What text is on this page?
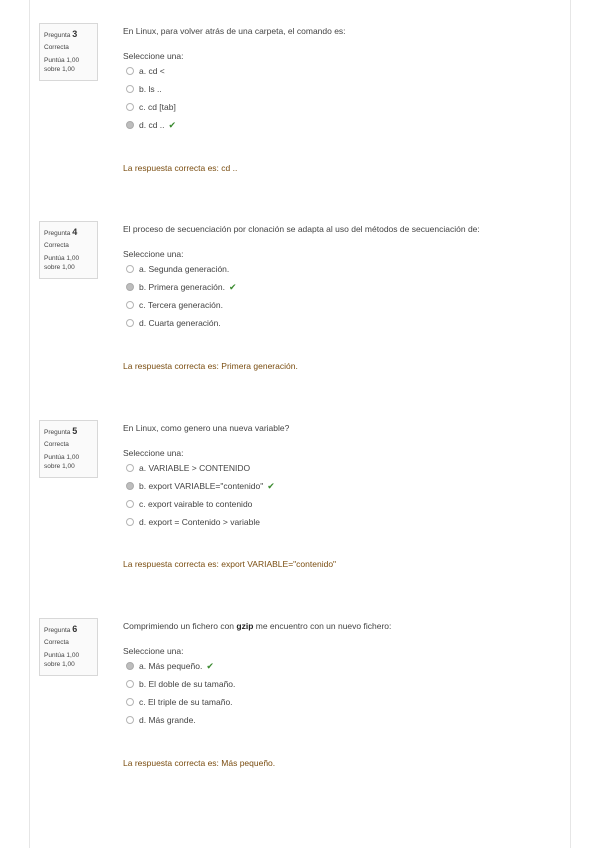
Pregunta 3
Correcta
Puntúa 1,00
sobre 1,00
En Linux, para volver atrás de una carpeta, el comando es:
Seleccione una:
a. cd <
b. ls ..
c. cd [tab]
d. cd .. ✔
La respuesta correcta es: cd ..
Pregunta 4
Correcta
Puntúa 1,00
sobre 1,00
El proceso de secuenciación por clonación se adapta al uso del métodos de secuenciación de:
Seleccione una:
a. Segunda generación.
b. Primera generación. ✔
c. Tercera generación.
d. Cuarta generación.
La respuesta correcta es: Primera generación.
Pregunta 5
Correcta
Puntúa 1,00
sobre 1,00
En Linux, como genero una nueva variable?
Seleccione una:
a. VARIABLE > CONTENIDO
b. export VARIABLE="contenido" ✔
c. export vairable to contenido
d. export = Contenido > variable
La respuesta correcta es: export VARIABLE="contenido"
Pregunta 6
Correcta
Puntúa 1,00
sobre 1,00
Comprimiendo un fichero con gzip me encuentro con un nuevo fichero:
Seleccione una:
a. Más pequeño. ✔
b. El doble de su tamaño.
c. El triple de su tamaño.
d. Más grande.
La respuesta correcta es: Más pequeño.
